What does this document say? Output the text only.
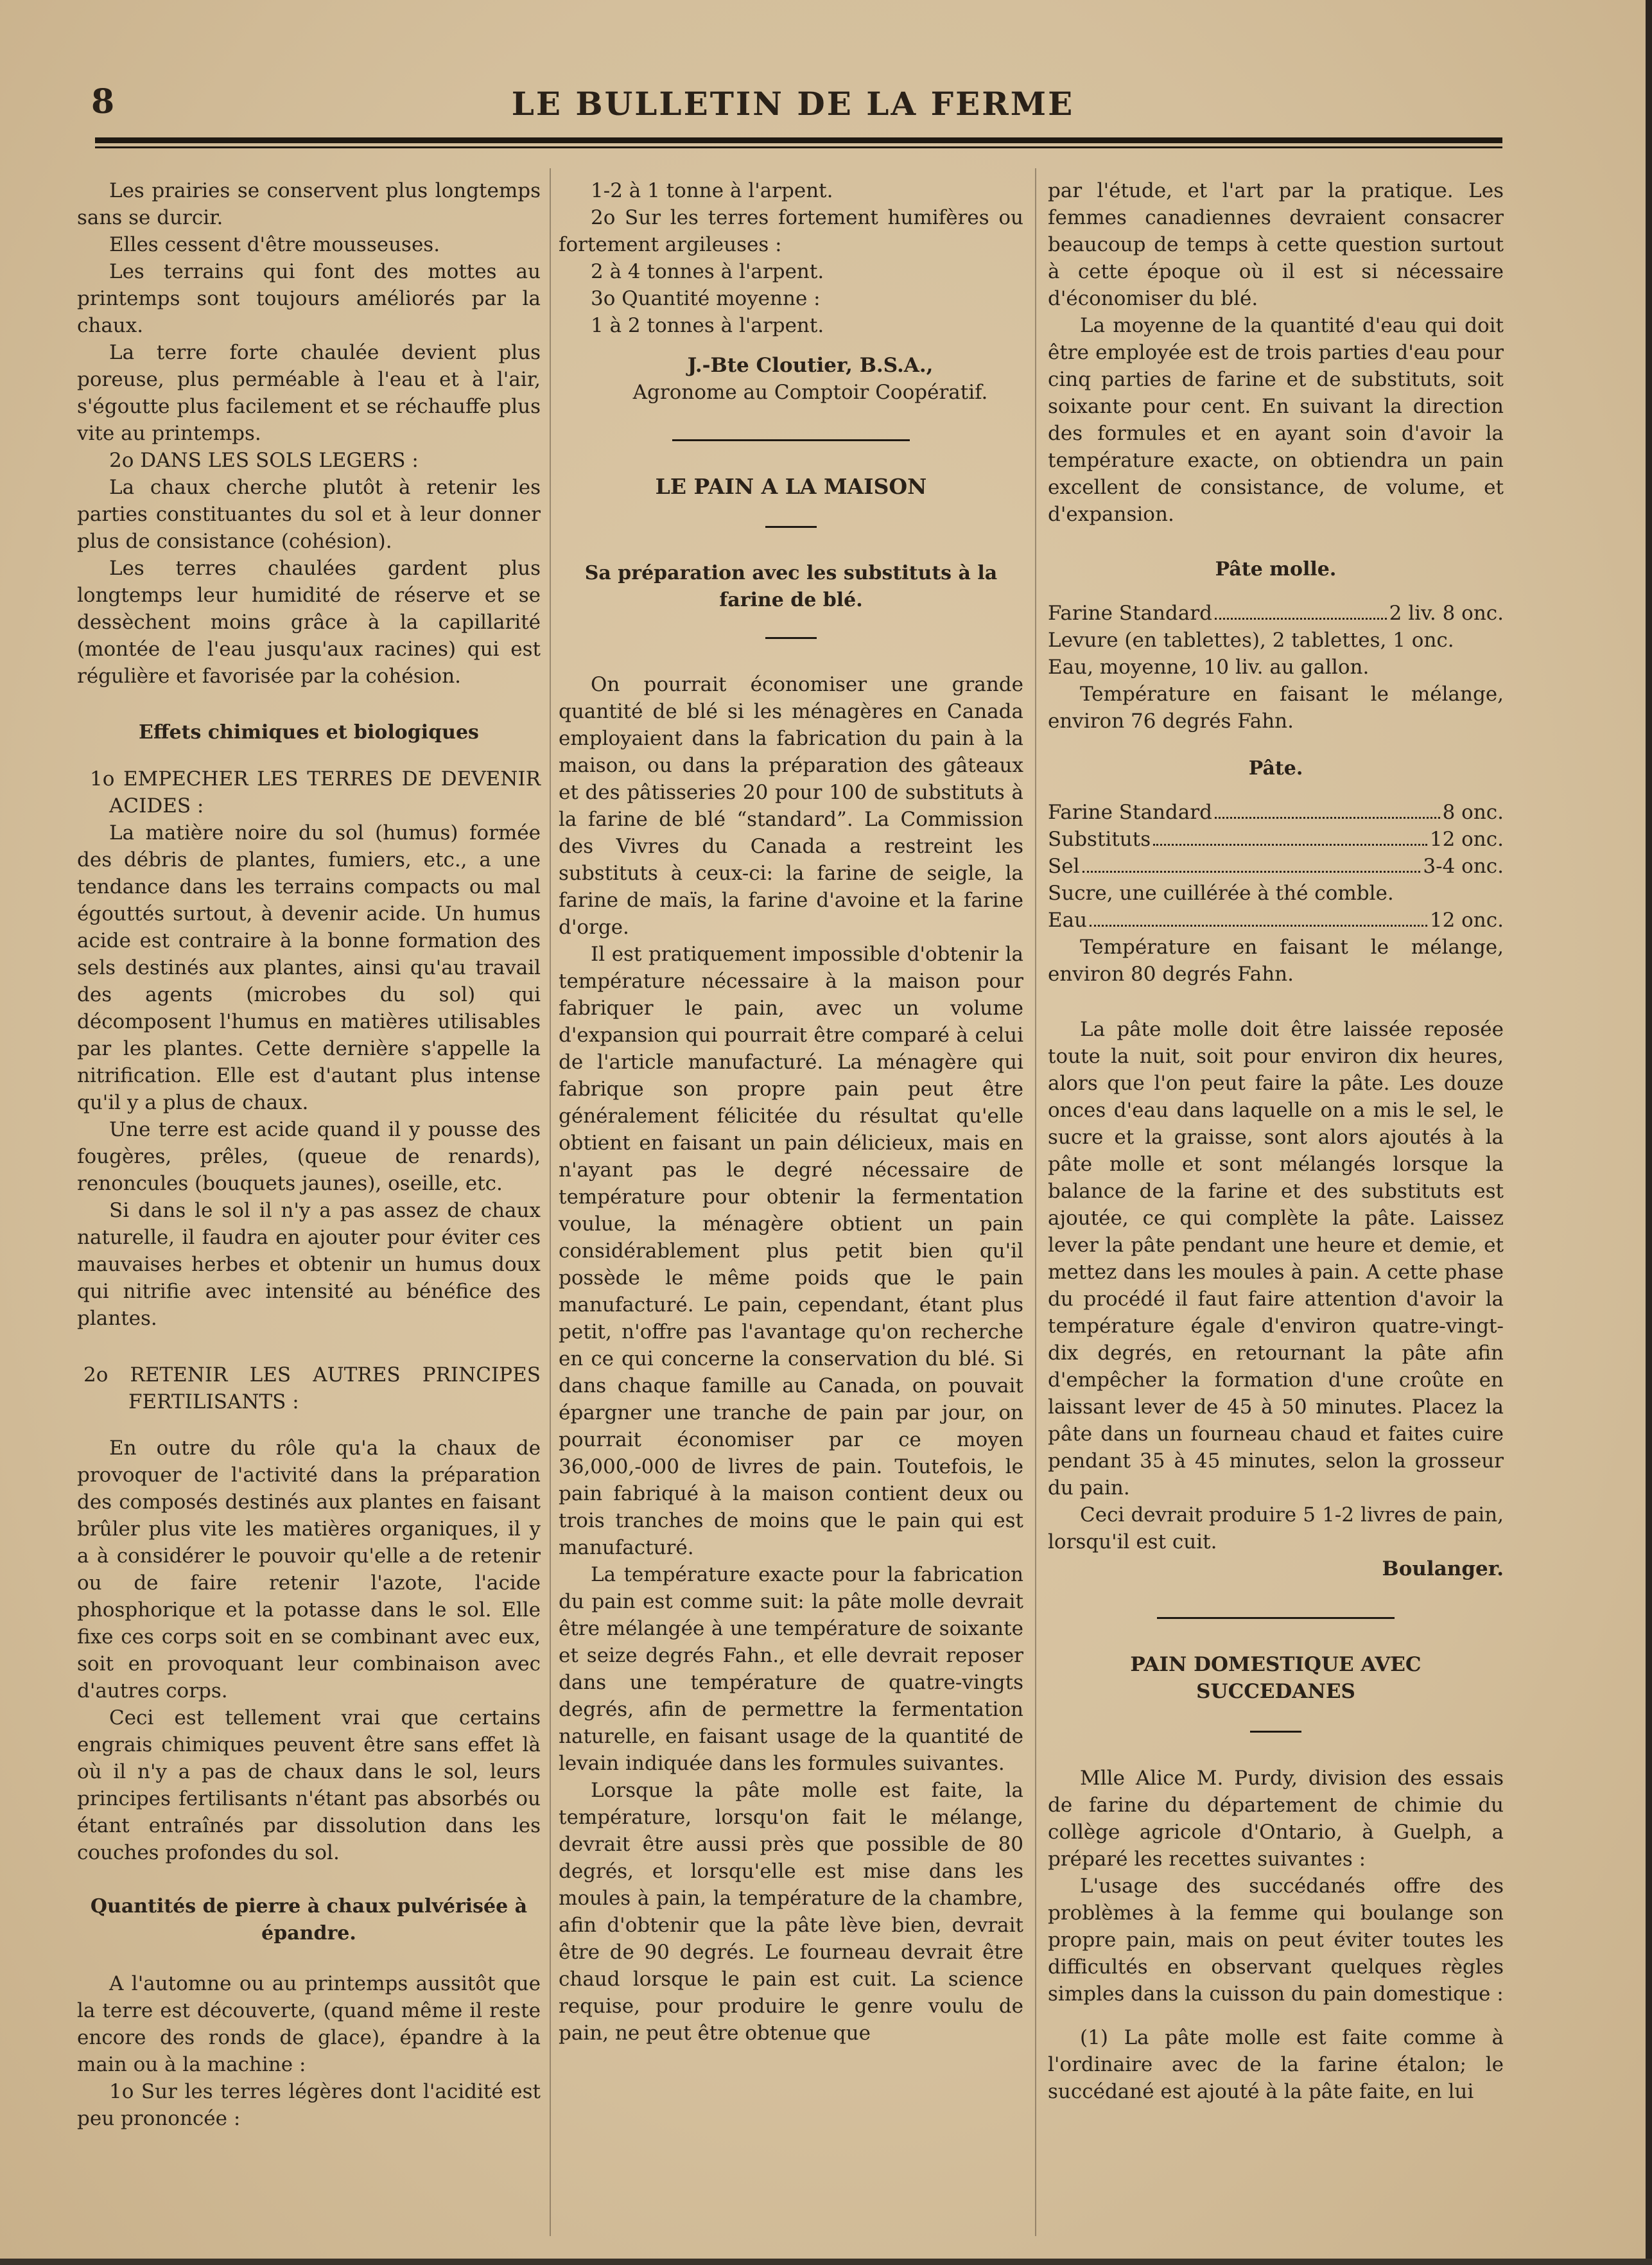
8	LE BULLETIN DE LA FERME

Les prairies se conservent plus longtemps sans se durcir.

Elles cessent d'être mousseuses.

Les terrains qui font des mottes au printemps sont toujours améliorés par la chaux.

La terre forte chaulée devient plus poreuse, plus perméable à l'eau et à l'air, s'égoutte plus facilement et se réchauffe plus vite au printemps.

2o DANS LES SOLS LEGERS :

La chaux cherche plutôt à retenir les parties constituantes du sol et à leur donner plus de consistance (cohésion).

Les terres chaulées gardent plus longtemps leur humidité de réserve et se dessèchent moins grâce à la capillarité (montée de l'eau jusqu'aux racines) qui est régulière et favorisée par la cohésion.

Effets chimiques et biologiques

1o EMPECHER LES TERRES DE DEVENIR ACIDES :

La matière noire du sol (humus) formée des débris de plantes, fumiers, etc., a une tendance dans les terrains compacts ou mal égouttés surtout, à devenir acide. Un humus acide est contraire à la bonne formation des sels destinés aux plantes, ainsi qu'au travail des agents (microbes du sol) qui décomposent l'humus en matières utilisables par les plantes. Cette dernière s'appelle la nitrification. Elle est d'autant plus intense qu'il y a plus de chaux.

Une terre est acide quand il y pousse des fougères, prêles, (queue de renards), renoncules (bouquets jaunes), oseille, etc.

Si dans le sol il n'y a pas assez de chaux naturelle, il faudra en ajouter pour éviter ces mauvaises herbes et obtenir un humus doux qui nitrifie avec intensité au bénéfice des plantes.

2o RETENIR LES AUTRES PRINCIPES FERTILISANTS :

En outre du rôle qu'a la chaux de provoquer de l'activité dans la préparation des composés destinés aux plantes en faisant brûler plus vite les matières organiques, il y a à considérer le pouvoir qu'elle a de retenir ou de faire retenir l'azote, l'acide phosphorique et la potasse dans le sol. Elle fixe ces corps soit en se combinant avec eux, soit en provoquant leur combinaison avec d'autres corps.

Ceci est tellement vrai que certains engrais chimiques peuvent être sans effet là où il n'y a pas de chaux dans le sol, leurs principes fertilisants n'étant pas absorbés ou étant entraînés par dissolution dans les couches profondes du sol.

Quantités de pierre à chaux pulvérisée à épandre.

A l'automne ou au printemps aussitôt que la terre est découverte, (quand même il reste encore des ronds de glace), épandre à la main ou à la machine :

1o Sur les terres légères dont l'acidité est peu prononcée :

1-2 à 1 tonne à l'arpent.

2o Sur les terres fortement humifères ou fortement argileuses :

2 à 4 tonnes à l'arpent.

3o Quantité moyenne :

1 à 2 tonnes à l'arpent.

J.-Bte Cloutier, B.S.A.,

Agronome au Comptoir Coopératif.

LE PAIN A LA MAISON

Sa préparation avec les substituts à la farine de blé.

On pourrait économiser une grande quantité de blé si les ménagères en Canada employaient dans la fabrication du pain à la maison, ou dans la préparation des gâteaux et des pâtisseries 20 pour 100 de substituts à la farine de blé “standard”. La Commission des Vivres du Canada a restreint les substituts à ceux-ci: la farine de seigle, la farine de maïs, la farine d'avoine et la farine d'orge.

Il est pratiquement impossible d'obtenir la température nécessaire à la maison pour fabriquer le pain, avec un volume d'expansion qui pourrait être comparé à celui de l'article manufacturé. La ménagère qui fabrique son propre pain peut être généralement félicitée du résultat qu'elle obtient en faisant un pain délicieux, mais en n'ayant pas le degré nécessaire de température pour obtenir la fermentation voulue, la ménagère obtient un pain considérablement plus petit bien qu'il possède le même poids que le pain manufacturé. Le pain, cependant, étant plus petit, n'offre pas l'avantage qu'on recherche en ce qui concerne la conservation du blé. Si dans chaque famille au Canada, on pouvait épargner une tranche de pain par jour, on pourrait économiser par ce moyen 36,000,-000 de livres de pain. Toutefois, le pain fabriqué à la maison contient deux ou trois tranches de moins que le pain qui est manufacturé.

La température exacte pour la fabrication du pain est comme suit: la pâte molle devrait être mélangée à une température de soixante et seize degrés Fahn., et elle devrait reposer dans une température de quatre-vingts degrés, afin de permettre la fermentation naturelle, en faisant usage de la quantité de levain indiquée dans les formules suivantes.

Lorsque la pâte molle est faite, la température, lorsqu'on fait le mélange, devrait être aussi près que possible de 80 degrés, et lorsqu'elle est mise dans les moules à pain, la température de la chambre, afin d'obtenir que la pâte lève bien, devrait être de 90 degrés. Le fourneau devrait être chaud lorsque le pain est cuit. La science requise, pour produire le genre voulu de pain, ne peut être obtenue que

par l'étude, et l'art par la pratique. Les femmes canadiennes devraient consacrer beaucoup de temps à cette question surtout à cette époque où il est si nécessaire d'économiser du blé.

La moyenne de la quantité d'eau qui doit être employée est de trois parties d'eau pour cinq parties de farine et de substituts, soit soixante pour cent. En suivant la direction des formules et en ayant soin d'avoir la température exacte, on obtiendra un pain excellent de consistance, de volume, et d'expansion.

Pâte molle.

Farine Standard	2 liv. 8 onc.

Levure (en tablettes), 2 tablettes, 1 onc.

Eau, moyenne, 10 liv. au gallon.

Température en faisant le mélange, environ 76 degrés Fahn.

Pâte.

Farine Standard	8 onc.
Substituts	12 onc.
Sel	3-4 onc.

Sucre, une cuillérée à thé comble.

Eau	12 onc.

Température en faisant le mélange, environ 80 degrés Fahn.

La pâte molle doit être laissée reposée toute la nuit, soit pour environ dix heures, alors que l'on peut faire la pâte. Les douze onces d'eau dans laquelle on a mis le sel, le sucre et la graisse, sont alors ajoutés à la pâte molle et sont mélangés lorsque la balance de la farine et des substituts est ajoutée, ce qui complète la pâte. Laissez lever la pâte pendant une heure et demie, et mettez dans les moules à pain. A cette phase du procédé il faut faire attention d'avoir la température égale d'environ quatre-vingt-dix degrés, en retournant la pâte afin d'empêcher la formation d'une croûte en laissant lever de 45 à 50 minutes. Placez la pâte dans un fourneau chaud et faites cuire pendant 35 à 45 minutes, selon la grosseur du pain.

Ceci devrait produire 5 1-2 livres de pain, lorsqu'il est cuit.

Boulanger.

PAIN DOMESTIQUE AVEC SUCCEDANES

Mlle Alice M. Purdy, division des essais de farine du département de chimie du collège agricole d'Ontario, à Guelph, a préparé les recettes suivantes :

L'usage des succédanés offre des problèmes à la femme qui boulange son propre pain, mais on peut éviter toutes les difficultés en observant quelques règles simples dans la cuisson du pain domestique :

(1) La pâte molle est faite comme à l'ordinaire avec de la farine étalon; le succédané est ajouté à la pâte faite, en lui
